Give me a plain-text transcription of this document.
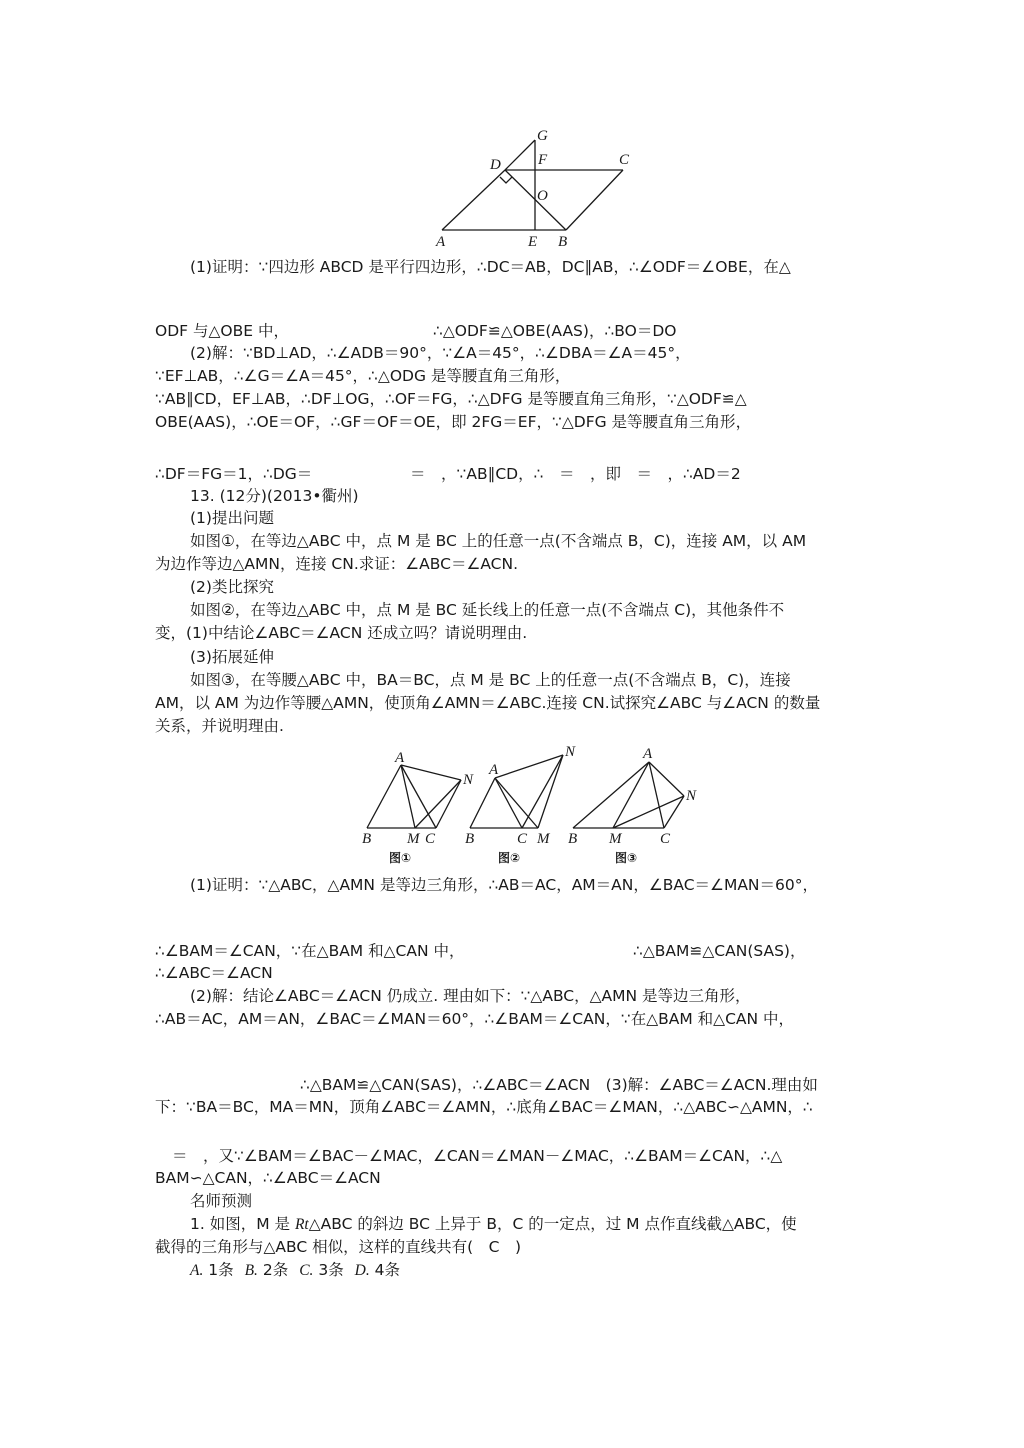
G
D F	C
O
A	E B
(1)证明：∵四边形 ABCD 是平行四边形，∴DC＝AB，DC∥AB，∴∠ODF＝∠OBE，在△
ODF 与△OBE 中，	∴△ODF≌△OBE(AAS)，∴BO＝DO
(2)解：∵BD⊥AD，∴∠ADB＝90°，∵∠A＝45°，∴∠DBA＝∠A＝45°，
∵EF⊥AB，∴∠G＝∠A＝45°，∴△ODG 是等腰直角三角形，
∵AB∥CD，EF⊥AB，∴DF⊥OG，∴OF＝FG，∴△DFG 是等腰直角三角形，∵△ODF≌△
OBE(AAS)，∴OE＝OF，∴GF＝OF＝OE，即 2FG＝EF，∵△DFG 是等腰直角三角形，
∴DF＝FG＝1，∴DG＝	＝　，∵AB∥CD，∴　＝　，即　＝　，∴AD＝2
13. (12分)(2013•衢州)
(1)提出问题
如图①，在等边△ABC 中，点 M 是 BC 上的任意一点(不含端点 B，C)，连接 AM，以 AM
为边作等边△AMN，连接 CN.求证：∠ABC＝∠ACN.
(2)类比探究
如图②，在等边△ABC 中，点 M 是 BC 延长线上的任意一点(不含端点 C)，其他条件不
变，(1)中结论∠ABC＝∠ACN 还成立吗？请说明理由.
(3)拓展延伸
如图③，在等腰△ABC 中，BA＝BC，点 M 是 BC 上的任意一点(不含端点 B，C)，连接
AM，以 AM 为边作等腰△AMN，使顶角∠AMN＝∠ABC.连接 CN.试探究∠ABC 与∠ACN 的数量
关系，并说明理由.
A
B M C
N
图①
A
B	C M
N
图②
A
B M	C
N
图③
(1)证明：∵△ABC，△AMN 是等边三角形，∴AB＝AC，AM＝AN，∠BAC＝∠MAN＝60°，
∴∠BAM＝∠CAN，∵在△BAM 和△CAN 中，	∴△BAM≌△CAN(SAS)，
∴∠ABC＝∠ACN
(2)解：结论∠ABC＝∠ACN 仍成立. 理由如下：∵△ABC，△AMN 是等边三角形，
∴AB＝AC，AM＝AN，∠BAC＝∠MAN＝60°，∴∠BAM＝∠CAN，∵在△BAM 和△CAN 中，
∴△BAM≌△CAN(SAS)，∴∠ABC＝∠ACN　(3)解：∠ABC＝∠ACN.理由如
下：∵BA＝BC，MA＝MN，顶角∠ABC＝∠AMN，∴底角∠BAC＝∠MAN，∴△ABC∽△AMN，∴
＝　，又∵∠BAM＝∠BAC－∠MAC，∠CAN＝∠MAN－∠MAC，∴∠BAM＝∠CAN，∴△
BAM∽△CAN，∴∠ABC＝∠ACN
名师预测
1. 如图，M 是 Rt△ABC 的斜边 BC 上异于 B，C 的一定点，过 M 点作直线截△ABC，使
截得的三角形与△ABC 相似，这样的直线共有(　C　)
A. 1条 B. 2条 C. 3条 D. 4条
